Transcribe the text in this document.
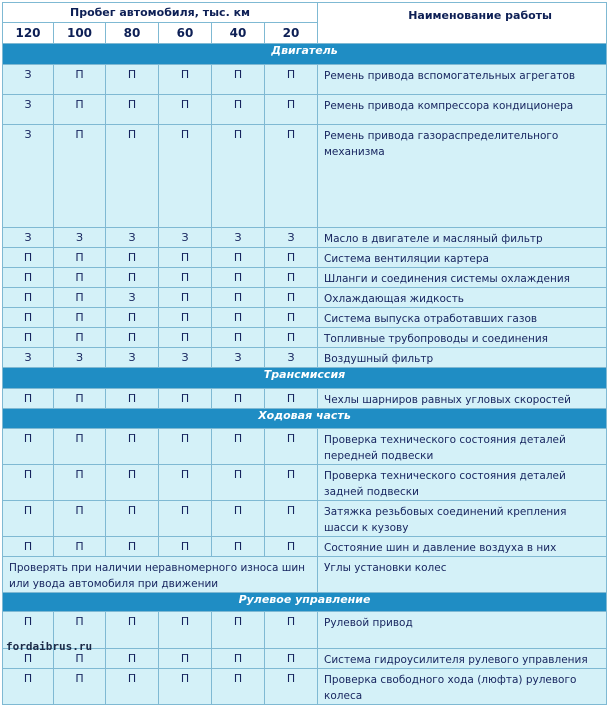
Пробег автомобиля, тыс. км						Наименование работы
120	100	80	60	40	20	
Двигатель						
З	П	П	П	П	П	Ремень привода вспомогательных агрегатов
З	П	П	П	П	П	Ремень привода компрессора кондиционера
З	П	П	П	П	П	Ремень привода газораспределительного механизма
З	З	З	З	З	З	Масло в двигателе и масляный фильтр
П	П	П	П	П	П	Система вентиляции картера
П	П	П	П	П	П	Шланги и соединения системы охлаждения
П	П	З	П	П	П	Охлаждающая жидкость
П	П	П	П	П	П	Система выпуска отработавших газов
П	П	П	П	П	П	Топливные трубопроводы и соединения
З	З	З	З	З	З	Воздушный фильтр
Трансмиссия						
П	П	П	П	П	П	Чехлы шарниров равных угловых скоростей
Ходовая часть						
П	П	П	П	П	П	Проверка технического состояния деталей передней подвески
П	П	П	П	П	П	Проверка технического состояния деталей задней подвески
П	П	П	П	П	П	Затяжка резьбовых соединений крепления шасси к кузову
П	П	П	П	П	П	Состояние шин и давление воздуха в них
Проверять при наличии неравномерного износа шин или увода автомобиля при движении						Углы установки колес
Рулевое управление						
П	П	П	П	П	П	Рулевой привод
П	П	П	П	П	П	Система гидроусилителя рулевого управления
П	П	П	П	П	П	Проверка свободного хода (люфта) рулевого колеса
fordaibrus.ru
